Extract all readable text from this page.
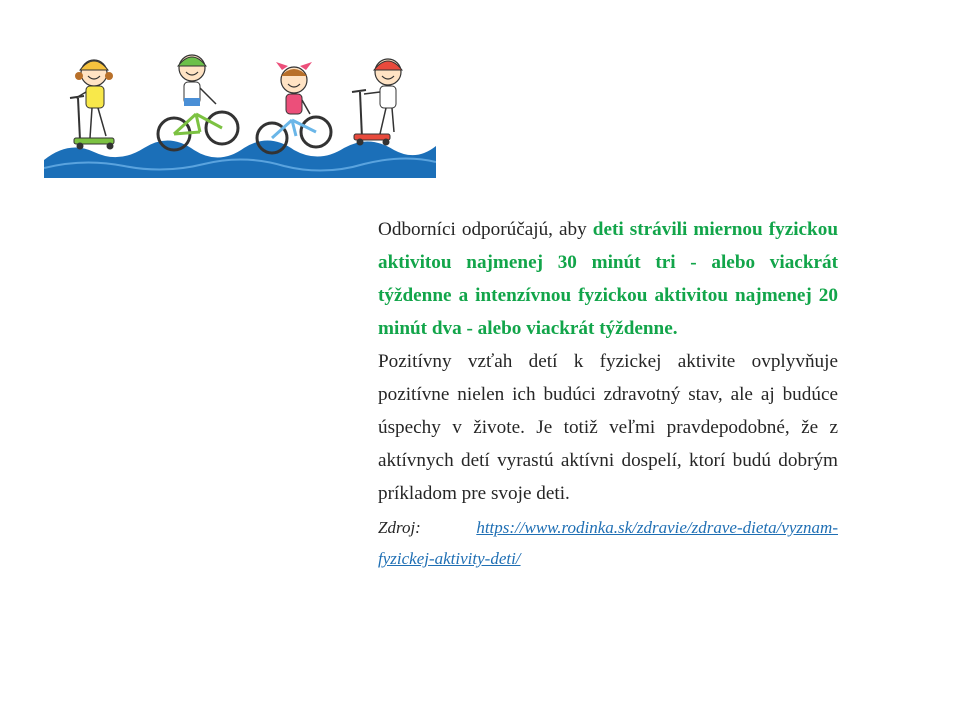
Odborníci odporúčajú, aby deti strávili miernou fyzickou aktivitou najmenej 30 minút tri - alebo viackrát týždenne a intenzívnou fyzickou aktivitou najmenej 20 minút dva - alebo viackrát týždenne.

Pozitívny vzťah detí k fyzickej aktivite ovplyvňuje pozitívne nielen ich budúci zdravotný stav, ale aj budúce úspechy v živote. Je totiž veľmi pravdepodobné, že z aktívnych detí vyrastú aktívni dospelí, ktorí budú dobrým príkladom pre svoje deti.

Zdroj:	https://www.rodinka.sk/zdravie/zdrave-dieta/vyznam-fyzickej-aktivity-deti/
